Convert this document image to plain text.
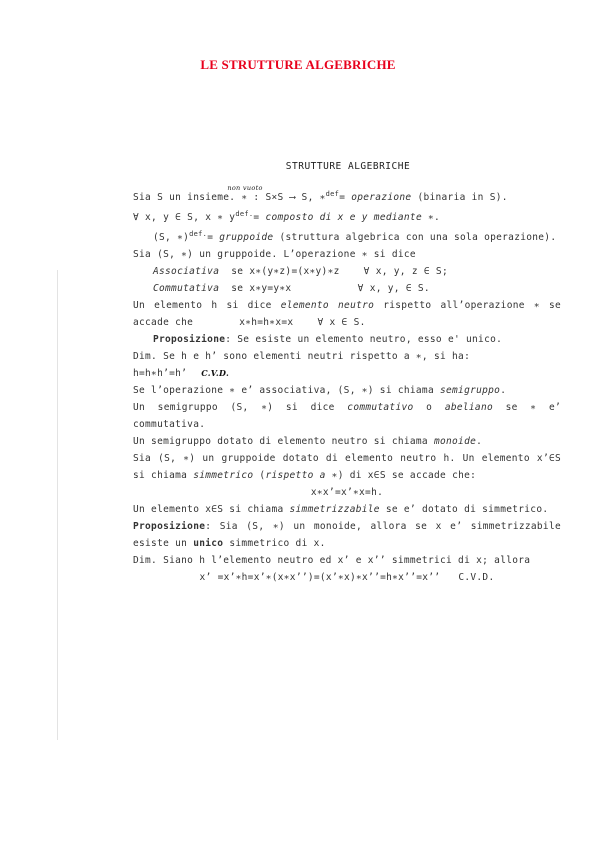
LE STRUTTURE ALGEBRICHE
STRUTTURE ALGEBRICHE

Sia S un insieme.
non vuoto
∗ : S×S ⟶ S, ∗$^{def}$= operazione (binaria in S).

∀ x, y ∈ S, x ∗ $y^{def.}=$ composto di x e y mediante ∗.

(S, ∗)$^{def.}$= gruppoide (struttura algebrica con una sola operazione).

Sia (S, ∗) un gruppoide. L’operazione ∗ si dice

Associativa  se x∗(y∗z)=(x∗y)∗z    ∀ x, y, z ∈ S;

Commutativa  se x∗y=y∗x           ∀ x, y, ∈ S.

Un elemento h si dice elemento neutro rispetto all’operazione ∗ se accade che	x∗h=h∗x=x    ∀ x ∈ S.

Proposizione: Se esiste un elemento neutro, esso e' unico.

Dim. Se h e h’ sono elementi neutri rispetto a ∗, si ha:

h=h∗h’=h’ C.V.D.

Se l’operazione ∗ e’ associativa, (S, ∗) si chiama semigruppo.

Un semigruppo (S, ∗) si dice commutativo o abeliano se ∗ e’ commutativa.

Un semigruppo dotato di elemento neutro si chiama monoide.

Sia (S, ∗) un gruppoide dotato di elemento neutro h. Un elemento x’∈S si chiama simmetrico (rispetto a ∗) di x∈S se accade che:

x∗x’=x’∗x=h.

Un elemento x∈S si chiama simmetrizzabile se e’ dotato di simmetrico.

Proposizione: Sia (S, ∗) un monoide, allora se x e’ simmetrizzabile esiste un unico simmetrico di x.

Dim. Siano h l’elemento neutro ed x’ e x’’ simmetrici di x; allora

x’ =x’∗h=x’∗(x∗x’’)=(x’∗x)∗x’’=h∗x’’=x’’   C.V.D.
